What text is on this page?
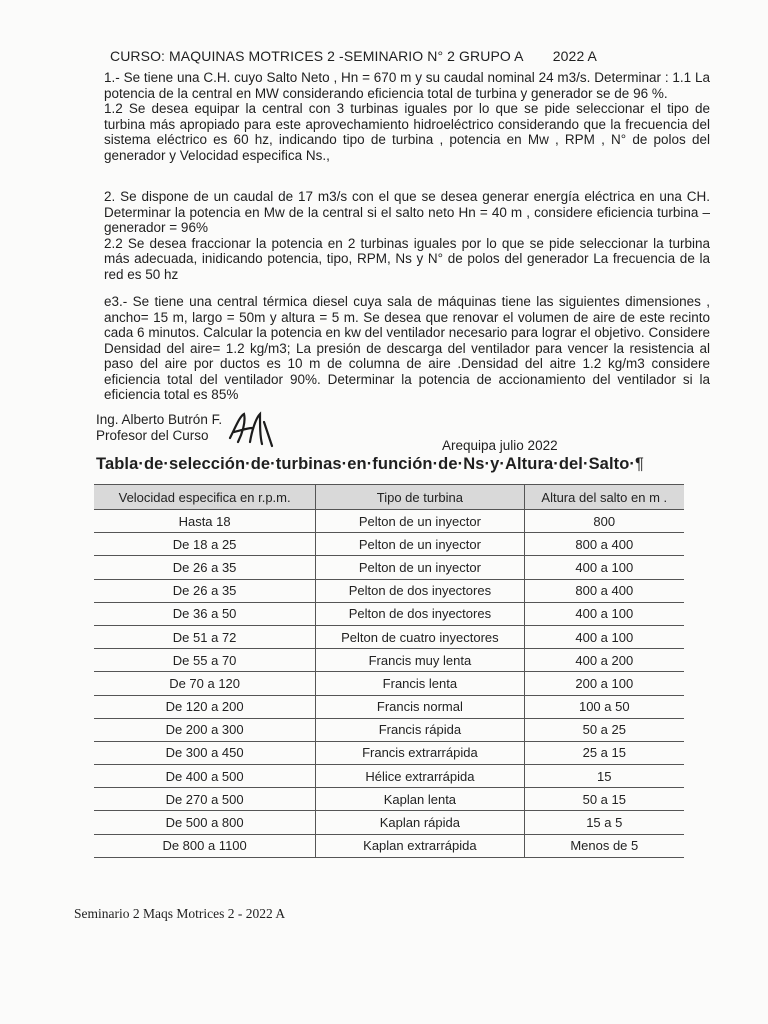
CURSO: MAQUINAS MOTRICES 2 -SEMINARIO N° 2 GRUPO A 2022 A

1.- Se tiene una C.H. cuyo Salto Neto , Hn = 670 m y su caudal nominal 24 m3/s. Determinar : 1.1 La potencia de la central en MW considerando eficiencia total de turbina y generador se de 96 %.

1.2 Se desea equipar la central con 3 turbinas iguales por lo que se pide seleccionar el tipo de turbina más apropiado para este aprovechamiento hidroeléctrico considerando que la frecuencia del sistema eléctrico es 60 hz, indicando tipo de turbina , potencia en Mw , RPM , N° de polos del generador y Velocidad especifica Ns.,

2. Se dispone de un caudal de 17 m3/s con el que se desea generar energía eléctrica en una CH. Determinar la potencia en Mw de la central si el salto neto Hn = 40 m , considere eficiencia turbina –generador = 96%

2.2 Se desea fraccionar la potencia en 2 turbinas iguales por lo que se pide seleccionar la turbina más adecuada, inidicando potencia, tipo, RPM, Ns y N° de polos del generador La frecuencia de la red es 50 hz

e3.- Se tiene una central térmica diesel cuya sala de máquinas tiene las siguientes dimensiones , ancho= 15 m, largo = 50m y altura = 5 m. Se desea que renovar el volumen de aire de este recinto cada 6 minutos. Calcular la potencia en kw del ventilador necesario para lograr el objetivo. Considere Densidad del aire= 1.2 kg/m3; La presión de descarga del ventilador para vencer la resistencia al paso del aire por ductos es 10 m de columna de aire .Densidad del aitre 1.2 kg/m3 considere eficiencia total del ventilador 90%. Determinar la potencia de accionamiento del ventilador si la eficiencia total es 85%

Ing. Alberto Butrón F.
Profesor del Curso
Arequipa julio 2022
Tabla·de·selección·de·turbinas·en·función·de·Ns·y·Altura·del·Salto·¶
Velocidad especifica en r.p.m.	Tipo de turbina	Altura del salto en m .
Hasta 18	Pelton de un inyector	800
De 18 a 25	Pelton de un inyector	800 a 400
De 26 a 35	Pelton de un inyector	400 a 100
De 26 a 35	Pelton de dos inyectores	800 a 400
De 36 a 50	Pelton de dos inyectores	400 a 100
De 51 a 72	Pelton de cuatro inyectores	400 a 100
De 55 a 70	Francis muy lenta	400 a 200
De 70 a 120	Francis lenta	200 a 100
De 120 a 200	Francis normal	100 a 50
De 200 a 300	Francis rápida	50 a 25
De 300 a 450	Francis extrarrápida	25 a 15
De 400 a 500	Hélice extrarrápida	15
De 270 a 500	Kaplan lenta	50 a 15
De 500 a 800	Kaplan rápida	15 a 5
De 800 a 1100	Kaplan extrarrápida	Menos de 5
Seminario 2 Maqs Motrices 2 - 2022 A
